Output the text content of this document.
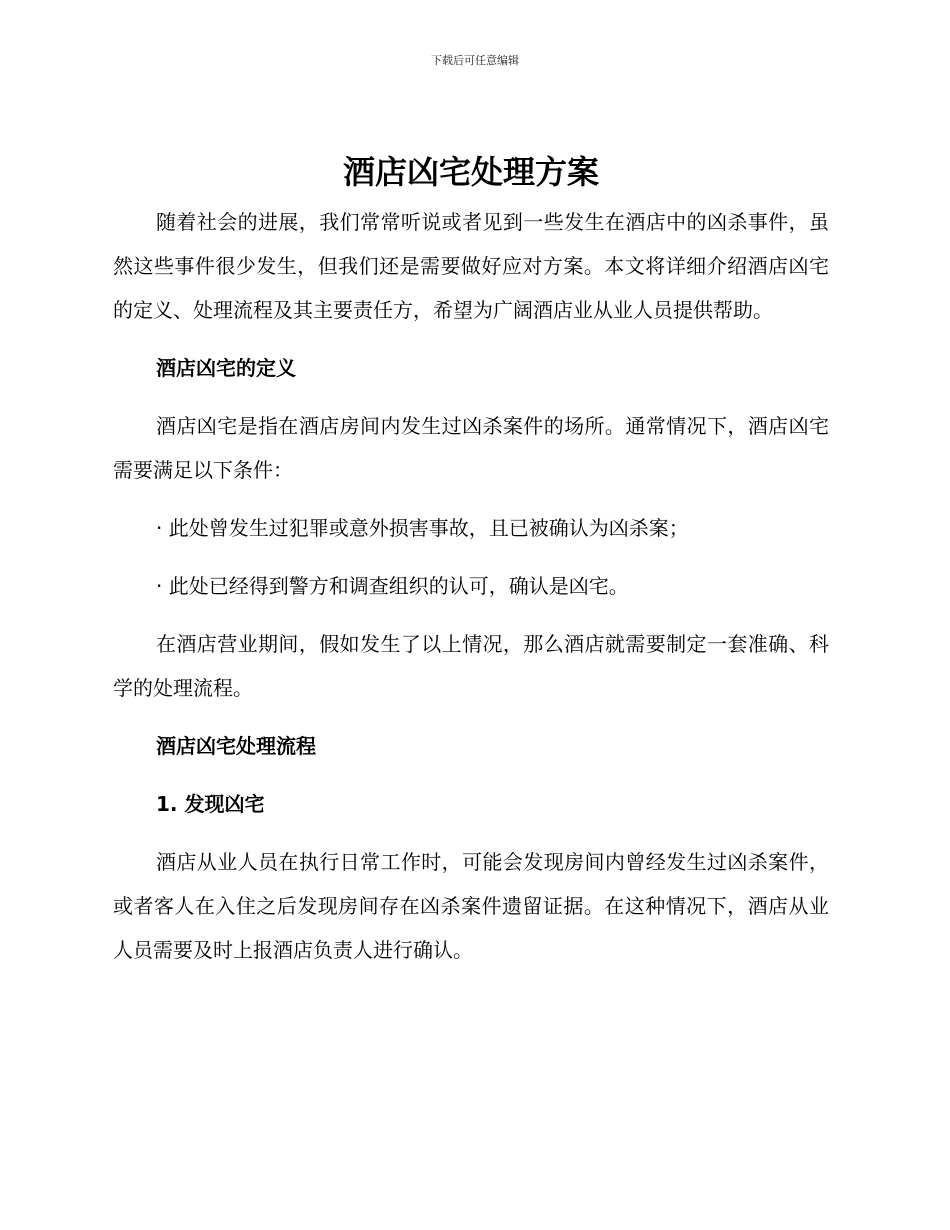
下载后可任意编辑
酒店凶宅处理方案

随着社会的进展，我们常常听说或者见到一些发生在酒店中的凶杀事件，虽然这些事件很少发生，但我们还是需要做好应对方案。本文将详细介绍酒店凶宅的定义、处理流程及其主要责任方，希望为广阔酒店业从业人员提供帮助。

酒店凶宅的定义

酒店凶宅是指在酒店房间内发生过凶杀案件的场所。通常情况下，酒店凶宅需要满足以下条件：

· 此处曾发生过犯罪或意外损害事故，且已被确认为凶杀案；

· 此处已经得到警方和调查组织的认可，确认是凶宅。

在酒店营业期间，假如发生了以上情况，那么酒店就需要制定一套准确、科学的处理流程。

酒店凶宅处理流程

1. 发现凶宅

酒店从业人员在执行日常工作时，可能会发现房间内曾经发生过凶杀案件，或者客人在入住之后发现房间存在凶杀案件遗留证据。在这种情况下，酒店从业人员需要及时上报酒店负责人进行确认。
